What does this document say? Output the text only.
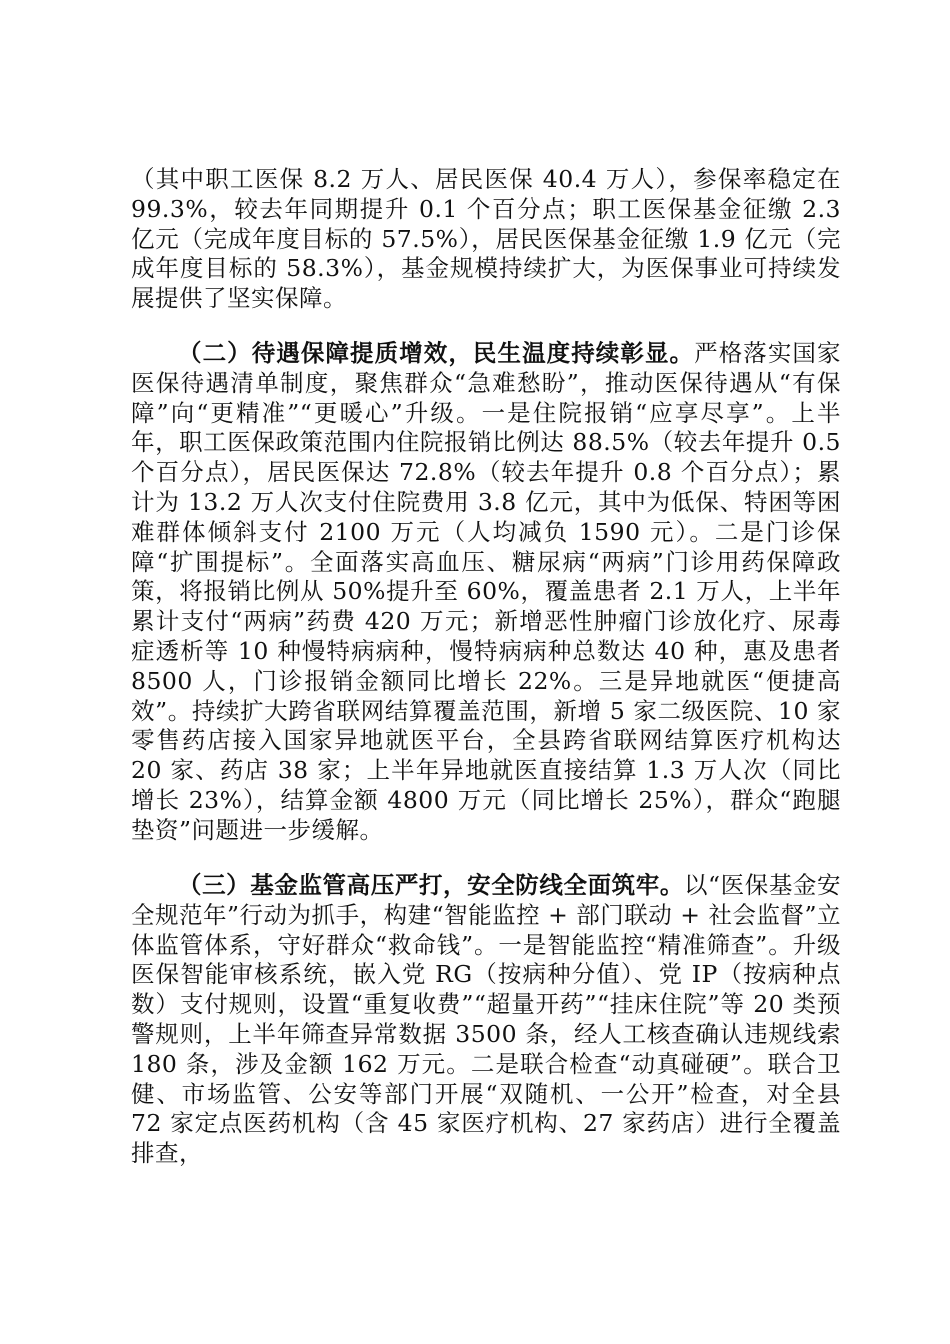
（其中职工医保 8.2 万人、居民医保 40.4 万人），参保率稳定在 99.3%，较去年同期提升 0.1 个百分点；职工医保基金征缴 2.3 亿元（完成年度目标的 57.5%），居民医保基金征缴 1.9 亿元（完成年度目标的 58.3%），基金规模持续扩大，为医保事业可持续发展提供了坚实保障。

（二）待遇保障提质增效，民生温度持续彰显。严格落实国家医保待遇清单制度，聚焦群众“急难愁盼”，推动医保待遇从“有保障”向“更精准”“更暖心”升级。一是住院报销“应享尽享”。上半年，职工医保政策范围内住院报销比例达 88.5%（较去年提升 0.5 个百分点），居民医保达 72.8%（较去年提升 0.8 个百分点）；累计为 13.2 万人次支付住院费用 3.8 亿元，其中为低保、特困等困难群体倾斜支付 2100 万元（人均减负 1590 元）。二是门诊保障“扩围提标”。全面落实高血压、糖尿病“两病”门诊用药保障政策，将报销比例从 50%提升至 60%，覆盖患者 2.1 万人，上半年累计支付“两病”药费 420 万元；新增恶性肿瘤门诊放化疗、尿毒症透析等 10 种慢特病病种，慢特病病种总数达 40 种，惠及患者 8500 人，门诊报销金额同比增长 22%。三是异地就医“便捷高效”。持续扩大跨省联网结算覆盖范围，新增 5 家二级医院、10 家零售药店接入国家异地就医平台，全县跨省联网结算医疗机构达 20 家、药店 38 家；上半年异地就医直接结算 1.3 万人次（同比增长 23%），结算金额 4800 万元（同比增长 25%），群众“跑腿垫资”问题进一步缓解。

（三）基金监管高压严打，安全防线全面筑牢。以“医保基金安全规范年”行动为抓手，构建“智能监控 + 部门联动 + 社会监督”立体监管体系，守好群众“救命钱”。一是智能监控“精准筛查”。升级医保智能审核系统，嵌入党 RG（按病种分值）、党 IP（按病种点数）支付规则，设置“重复收费”“超量开药”“挂床住院”等 20 类预警规则，上半年筛查异常数据 3500 条，经人工核查确认违规线索 180 条，涉及金额 162 万元。二是联合检查“动真碰硬”。联合卫健、市场监管、公安等部门开展“双随机、一公开”检查，对全县 72 家定点医药机构（含 45 家医疗机构、27 家药店）进行全覆盖排查，
